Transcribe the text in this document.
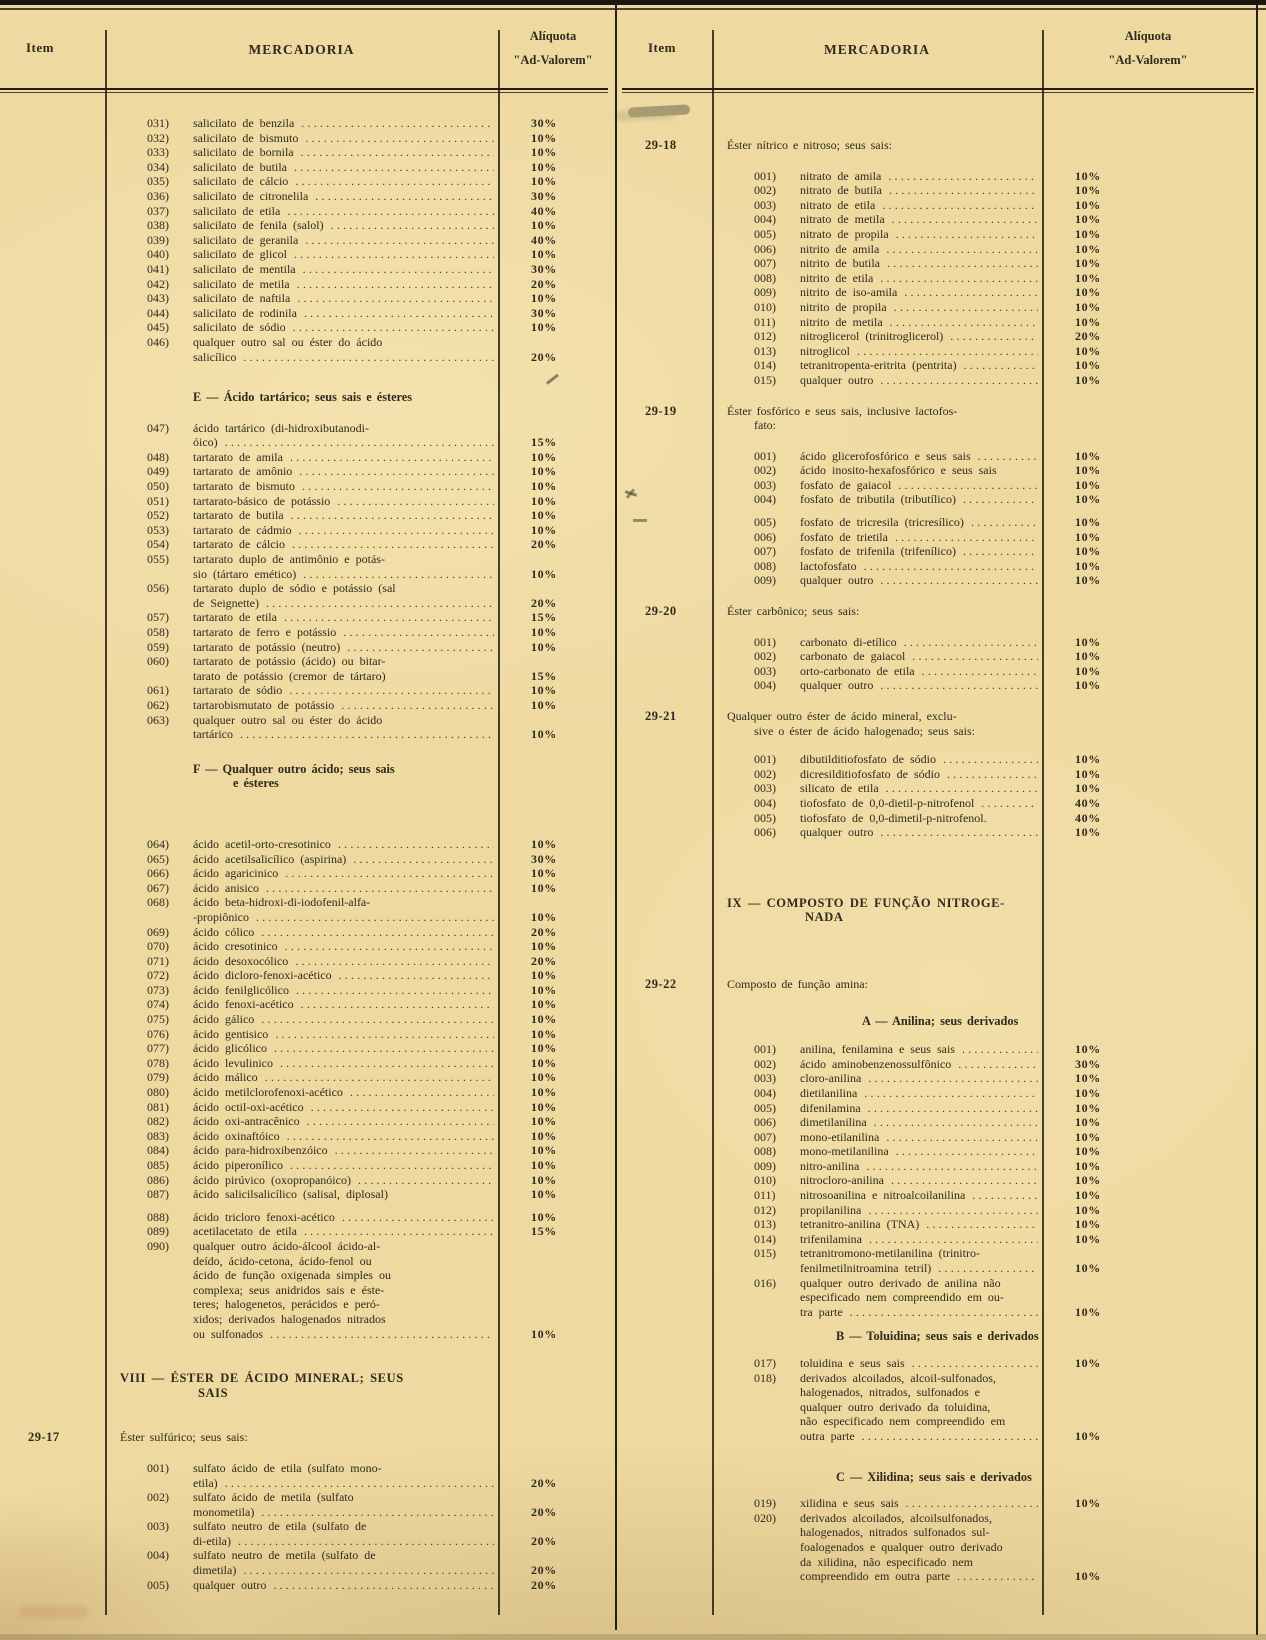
Item	MERCADORIA
Alíquota
"Ad-Valorem"
031)	salicilato de benzila .....	30%
032)	salicilato de bismuto .....	10%
033)	salicilato de bornila .....	10%
034)	salicilato de butila .....	10%
035)	salicilato de cálcio .....	10%
036)	salicilato de citronelila .....	30%
037)	salicilato de etila .....	40%
038)	salicilato de fenila (salol) .....	10%
039)	salicilato de geranila .....	40%
040)	salicilato de glicol .....	10%
041)	salicilato de mentila .....	30%
042)	salicilato de metila .....	20%
043)	salicilato de naftila .....	10%
044)	salicilato de rodinila .....	30%
045)	salicilato de sódio .....	10%
046)	qualquer outro sal ou éster do ácido
salicílico .....	20%
E — Ácido tartárico; seus sais e ésteres
047)	ácido tartárico (di-hidroxibutanodi-
óico) .....	15%
048)	tartarato de amila .....	10%
049)	tartarato de amônio .....	10%
050)	tartarato de bismuto .....	10%
051)	tartarato-básico de potássio .....	10%
052)	tartarato de butila .....	10%
053)	tartarato de cádmio .....	10%
054)	tartarato de cálcio .....	20%
055)	tartarato duplo de antimônio e potás-
sio (tártaro emético) .....	10%
056)	tartarato duplo de sódio e potássio (sal
de Seignette) .....	20%
057)	tartarato de etila .....	15%
058)	tartarato de ferro e potássio .....	10%
059)	tartarato de potássio (neutro) .....	10%
060)	tartarato de potássio (ácido) ou bitar-
tarato de potássio (cremor de tártaro)	15%
061)	tartarato de sódio .....	10%
062)	tartarobismutato de potássio .....	10%
063)	qualquer outro sal ou éster do ácido
tartárico .....	10%
F — Qualquer outro ácido; seus sais
e ésteres
064)	ácido acetil-orto-cresotinico .....	10%
065)	ácido acetilsalicílico (aspirina) .....	30%
066)	ácido agaricinico .....	10%
067)	ácido anisico .....	10%
068)	ácido beta-hidroxi-di-iodofenil-alfa-
-propiônico .....	10%
069)	ácido cólico .....	20%
070)	ácido cresotinico .....	10%
071)	ácido desoxocólico .....	20%
072)	ácido dicloro-fenoxi-acético .....	10%
073)	ácido fenilglicólico .....	10%
074)	ácido fenoxi-acético .....	10%
075)	ácido gálico .....	10%
076)	ácido gentisico .....	10%
077)	ácido glicólico .....	10%
078)	ácido levulinico .....	10%
079)	ácido málico .....	10%
080)	ácido metilclorofenoxi-acético .....	10%
081)	ácido octil-oxi-acético .....	10%
082)	ácido oxi-antracênico .....	10%
083)	ácido oxinaftóico .....	10%
084)	ácido para-hidroxibenzóico .....	10%
085)	ácido piperonílico .....	10%
086)	ácido pirúvico (oxopropanóico) .....	10%
087)	ácido salicilsalicílico (salisal, diplosal)	10%
088)	ácido tricloro fenoxi-acético .....	10%
089)	acetilacetato de etila .....	15%
090)	qualquer outro ácido-álcool ácido-al-
deído, ácido-cetona, ácido-fenol ou
ácido de função oxigenada simples ou
complexa; seus anidridos sais e éste-
teres; halogenetos, perácidos e peró-
xidos; derivados halogenados nitrados
ou sulfonados .....	10%
VIII — ÉSTER DE ÁCIDO MINERAL; SEUS
SAIS
29-17	Éster sulfúrico; seus sais:
001)	sulfato ácido de etila (sulfato mono-
etila) .....	20%
002)	sulfato ácido de metila (sulfato
monometila) .....	20%
003)	sulfato neutro de etila (sulfato de
di-etila) .....	20%
004)	sulfato neutro de metila (sulfato de
dimetila) .....	20%
005)	qualquer outro .....	20%
Item	MERCADORIA
Alíquota
"Ad-Valorem"
29-18	Éster nítrico e nitroso; seus sais:
001)	nitrato de amila .....	10%
002)	nitrato de butila .....	10%
003)	nitrato de etila .....	10%
004)	nitrato de metila .....	10%
005)	nitrato de propila .....	10%
006)	nitrito de amila .....	10%
007)	nitrito de butila .....	10%
008)	nitrito de etila .....	10%
009)	nitrito de iso-amila .....	10%
010)	nitrito de propila .....	10%
011)	nitrito de metila .....	10%
012)	nitroglicerol (trinitroglicerol) .....	20%
013)	nitroglicol .....	10%
014)	tetranitropenta-eritrita (pentrita) .....	10%
015)	qualquer outro .....	10%
29-19	Éster fosfórico e seus sais, inclusive lactofos-
fato:
001)	ácido glicerofosfórico e seus sais .....	10%
002)	ácido inosito-hexafosfórico e seus sais	10%
003)	fosfato de gaiacol .....	10%
004)	fosfato de tributila (tributílico) .....	10%
005)	fosfato de tricresila (tricresílico) .....	10%
006)	fosfato de trietila .....	10%
007)	fosfato de trifenila (trifenílico) .....	10%
008)	lactofosfato .....	10%
009)	qualquer outro .....	10%
29-20	Éster carbônico; seus sais:
001)	carbonato di-etílico .....	10%
002)	carbonato de gaiacol .....	10%
003)	orto-carbonato de etila .....	10%
004)	qualquer outro .....	10%
29-21	Qualquer outro éster de ácido mineral, exclu-
sive o éster de ácido halogenado; seus sais:
001)	dibutilditiofosfato de sódio .....	10%
002)	dicresilditiofosfato de sódio .....	10%
003)	silicato de etila .....	10%
004)	tiofosfato de 0,0-dietil-p-nitrofenol .....	40%
005)	tiofosfato de 0,0-dimetil-p-nitrofenol.	40%
006)	qualquer outro .....	10%
IX — COMPOSTO DE FUNÇÃO NITROGE-
NADA
29-22	Composto de função amina:
A — Anilina; seus derivados
001)	anilina, fenilamina e seus sais .....	10%
002)	ácido aminobenzenossulfônico .....	30%
003)	cloro-anilina .....	10%
004)	dietilanilina .....	10%
005)	difenilamina .....	10%
006)	dimetilanilina .....	10%
007)	mono-etilanilina .....	10%
008)	mono-metilanilina .....	10%
009)	nitro-anilina .....	10%
010)	nitrocloro-anilina .....	10%
011)	nitrosoanilina e nitroalcoilanilina .....	10%
012)	propilanilina .....	10%
013)	tetranitro-anilina (TNA) .....	10%
014)	trifenilamina .....	10%
015)	tetranitromono-metilanilina (trinitro-
fenilmetilnitroamina tetril) .....	10%
016)	qualquer outro derivado de anilina não
especificado nem compreendido em ou-
tra parte .....	10%
B — Toluidina; seus sais e derivados
017)	toluidina e seus sais .....	10%
018)	derivados alcoilados, alcoil-sulfonados,
halogenados, nitrados, sulfonados e
qualquer outro derivado da toluidina,
não especificado nem compreendido em
outra parte .....	10%
C — Xilidina; seus sais e derivados
019)	xilidina e seus sais .....	10%
020)	derivados alcoilados, alcoilsulfonados,
halogenados, nitrados sulfonados sul-
foalogenados e qualquer outro derivado
da xilidina, não especificado nem
compreendido em outra parte .....	10%
